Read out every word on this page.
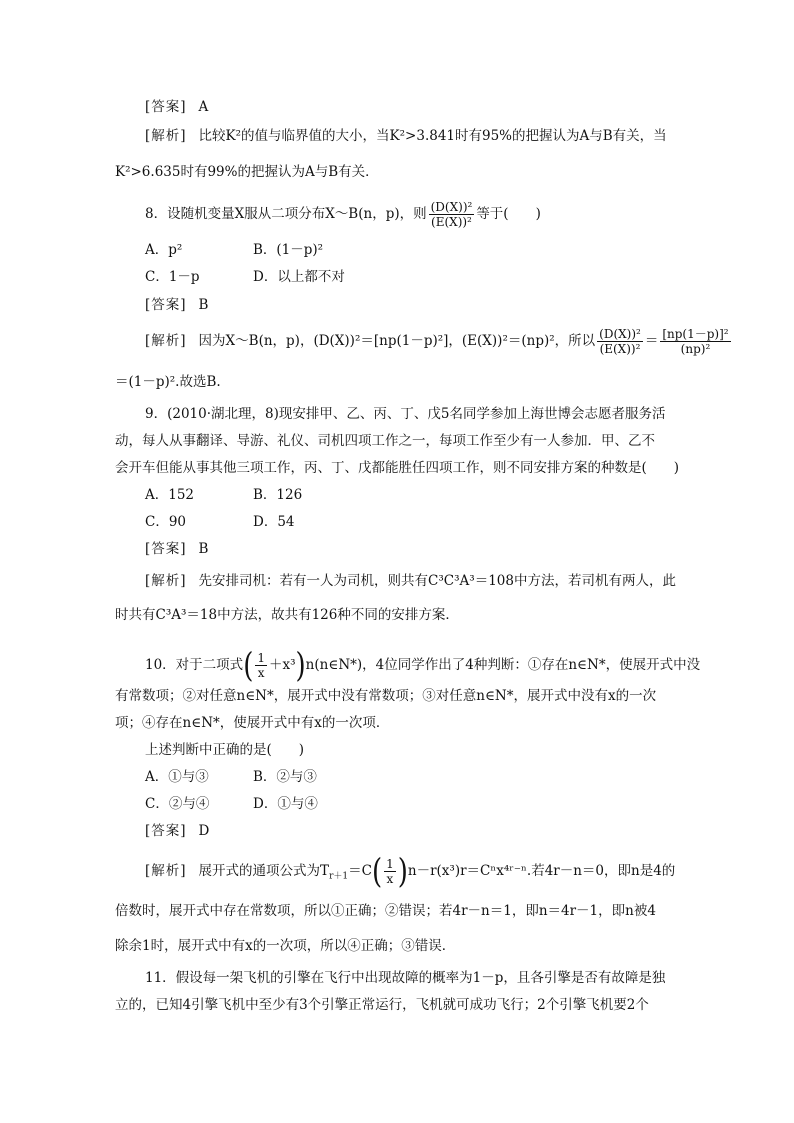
[答案] A
[解析] 比较K²的值与临界值的大小，当K²>3.841时有95%的把握认为A与B有关，当
K²>6.635时有99%的把握认为A与B有关．
8．设随机变量X服从二项分布X～B(n，p)，则 $\frac{\text{(D(X))²}}{\text{(E(X))²}}$ 等于(　　)
A．p²	B．(1－p)²
C．1－p	D．以上都不对
[答案] B
[解析] 因为X～B(n，p)，(D(X))²＝[np(1－p)²]，(E(X))²＝(np)²，所以 $\frac{\text{(D(X))²}}{\text{(E(X))²}} = \frac{\text{[np(1－p)]²}}{\text{(np)²}}$
＝(1－p)².故选B.
9．(2010·湖北理，8)现安排甲、乙、丙、丁、戊5名同学参加上海世博会志愿者服务活
动，每人从事翻译、导游、礼仪、司机四项工作之一，每项工作至少有一人参加．甲、乙不
会开车但能从事其他三项工作，丙、丁、戊都能胜任四项工作，则不同安排方案的种数是(　　)
A．152	B．126
C．90	D．54
[答案] B
[解析] 先安排司机：若有一人为司机，则共有C³C³A³＝108中方法，若司机有两人，此
时共有C³A³＝18中方法，故共有126种不同的安排方案．
10．对于二项式( $\frac{1}{x}$ ＋x³)n(n∈N*)，4位同学作出了4种判断：①存在n∈N*，使展开式中没
有常数项；②对任意n∈N*，展开式中没有常数项；③对任意n∈N*，展开式中没有x的一次
项；④存在n∈N*，使展开式中有x的一次项．
上述判断中正确的是(　　)
A．①与③	B．②与③
C．②与④	D．①与④
[答案] D
[解析] 展开式的通项公式为$T_{r+1}=C( \frac{1}{x}$ )n－r(x³)r＝Cⁿx⁴ʳ⁻ⁿ.若4r－n＝0，即n是4的
倍数时，展开式中存在常数项，所以①正确；②错误；若4r－n＝1，即n＝4r－1，即n被4
除余1时，展开式中有x的一次项，所以④正确；③错误．
11．假设每一架飞机的引擎在飞行中出现故障的概率为1－p，且各引擎是否有故障是独
立的，已知4引擎飞机中至少有3个引擎正常运行，飞机就可成功飞行；2个引擎飞机要2个
